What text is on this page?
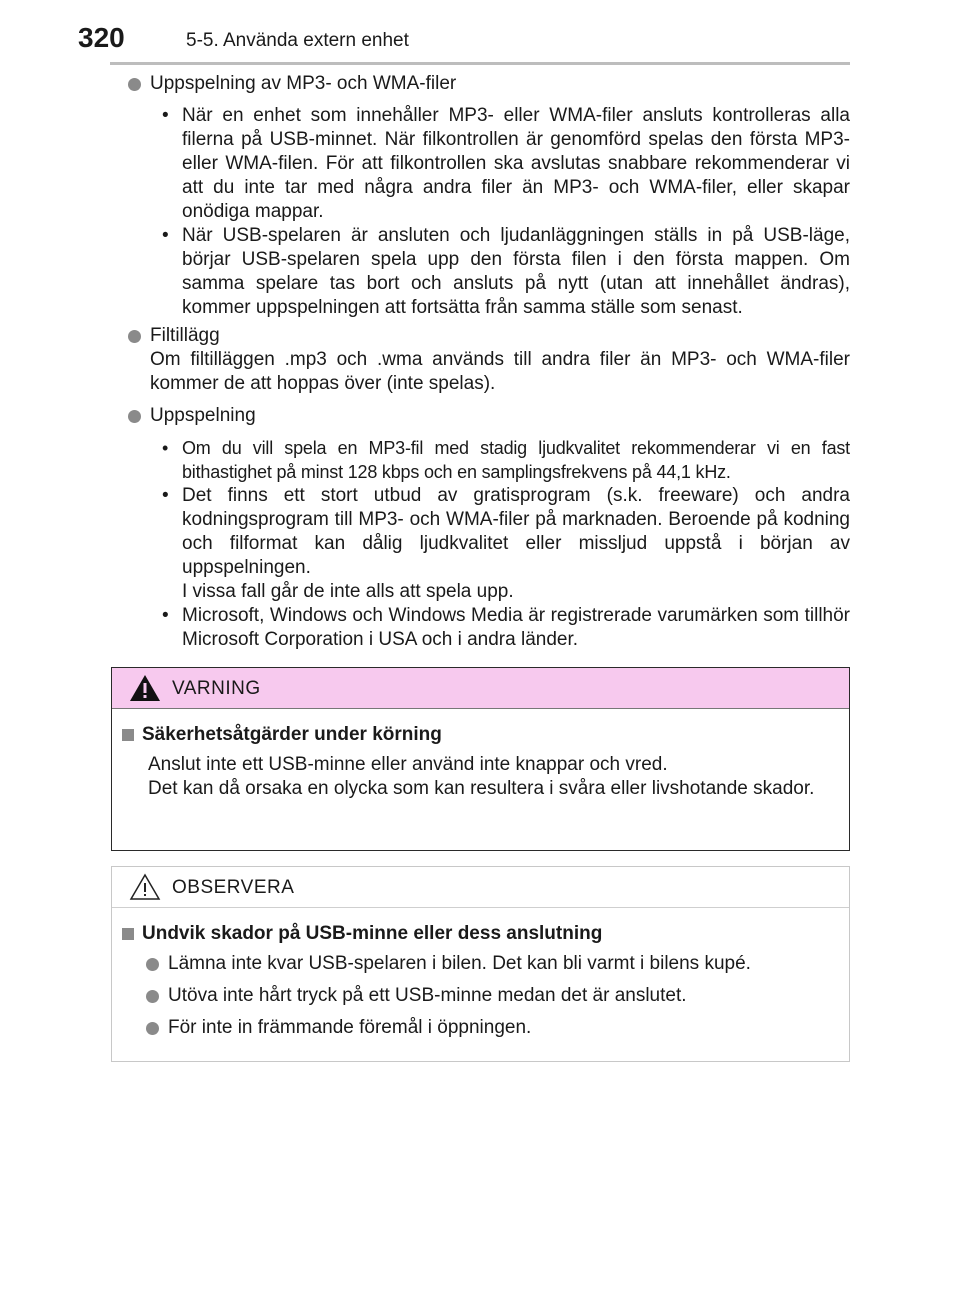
320	5-5. Använda extern enhet
Uppspelning av MP3- och WMA-filer
• När en enhet som innehåller MP3- eller WMA-filer ansluts kontrolleras alla filerna på USB-minnet. När filkontrollen är genomförd spelas den första MP3- eller WMA-filen. För att filkontrollen ska avslutas snabbare rekommenderar vi att du inte tar med några andra filer än MP3- och WMA-filer, eller skapar onödiga mappar.
• När USB-spelaren är ansluten och ljudanläggningen ställs in på USB-läge, börjar USB-spelaren spela upp den första filen i den första mappen. Om samma spelare tas bort och ansluts på nytt (utan att innehållet ändras), kommer uppspelningen att fortsätta från samma ställe som senast.
Filtillägg
Om filtilläggen .mp3 och .wma används till andra filer än MP3- och WMA-filer kommer de att hoppas över (inte spelas).
Uppspelning
• Om du vill spela en MP3-fil med stadig ljudkvalitet rekommenderar vi en fast bithastighet på minst 128 kbps och en samplingsfrekvens på 44,1 kHz.
• Det finns ett stort utbud av gratisprogram (s.k. freeware) och andra kodningsprogram till MP3- och WMA-filer på marknaden. Beroende på kodning och filformat kan dålig ljudkvalitet eller missljud uppstå i början av uppspelningen.
I vissa fall går de inte alls att spela upp.
• Microsoft, Windows och Windows Media är registrerade varumärken som tillhör Microsoft Corporation i USA och i andra länder.
VARNING
Säkerhetsåtgärder under körning
Anslut inte ett USB-minne eller använd inte knappar och vred.
Det kan då orsaka en olycka som kan resultera i svåra eller livshotande skador.
OBSERVERA
Undvik skador på USB-minne eller dess anslutning
Lämna inte kvar USB-spelaren i bilen. Det kan bli varmt i bilens kupé.
Utöva inte hårt tryck på ett USB-minne medan det är anslutet.
För inte in främmande föremål i öppningen.
